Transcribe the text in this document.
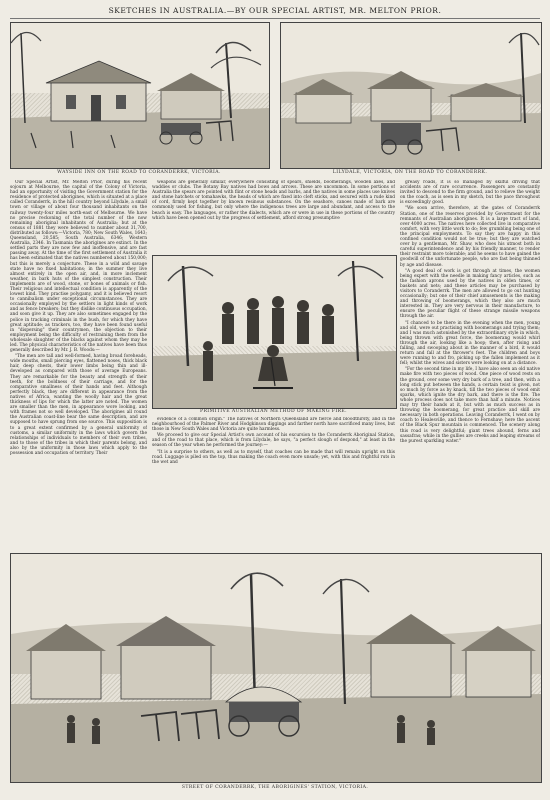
SKETCHES IN AUSTRALIA.—BY OUR SPECIAL ARTIST, MR. MELTON PRIOR.
WAYSIDE INN ON THE ROAD TO CORANDERRK, VICTORIA.	LILYDALE, VICTORIA, ON THE ROAD TO CORANDERRK.

Our Special Artist, Mr. Melton Prior, during his recent sojourn at Melbourne, the capital of the Colony of Victoria, had an opportunity of visiting the Government station for the residence of protected aborigines, which is situated at a place called Coranderrk, in the hill country beyond Lilydale, a small town or village of about four thousand inhabitants on the railway twenty-four miles north-east of Melbourne. We have no precise reckoning of the total number of the now remaining aboriginal inhabitants of Australia; but at the census of 1881 they were believed to number about 31,700, distributed as follows:—Victoria, 780; New South Wales, 1643; Queensland, 20,585; South Australia, 6346; Western Australia, 2346. In Tasmania the aborigines are extinct. In the settled parts they are now few and inoffensive, and are fast passing away. At the time of the first settlement of Australia it has been estimated that the natives numbered about 150,000; but this is merely a conjecture. These in a wild and savage state have no fixed habitations; in the summer they live almost entirely in the open air, and, in more inclement weather, in bark huts of the simplest construction. Their implements are of wood, stone, or bones of animals or fish. Their religious and intellectual condition is apparently of the lowest kind. They practise polygamy, and it is believed resort to cannibalism under exceptional circumstances. They are occasionally employed by the settlers in light kinds of work and as fence breakers; but they dislike continuous occupation, and soon give it up. They are also sometimes engaged by the police in tracking criminals in the bush, for which they have great aptitude; as trackers, too, they have been found useful in "dispersing" their countrymen, the objection to their employment being the difficulty of restraining them from the wholesale slaughter of the blacks against whom they may be led. The physical characteristics of the natives have been thus generally described by Mr. J. B. Woods:—

"The men are tall and well-formed, having broad foreheads, wide mouths, small piercing eyes, flattened noses, thick black hair, deep chests, their lower limbs being thin and ill-developed as compared with those of average Europeans. They are remarkable for the beauty and strength of their teeth, for the boldness of their carriage, and for the comparative smallness of their hands and feet. Although perfectly black, they are different in appearance from the natives of Africa, wanting the woolly hair and the great thickness of lips for which the latter are noted. The women are smaller than the men, in appearance wore looking, and with frames not so well developed. The aborigines all round the Australian coast-line bear the same description, and are supposed to have sprung from one source. This supposition is to a great extent confirmed by a general uniformity of customs, a similar uniformity in the laws which govern the relationships of individuals to members of their own tribes, and to those of the tribes in which their parents belong, and also by the uniformity in those laws which apply to the possession and occupation of territory. Their

weapons are generally similar, everywhere consisting of spears, shields, boomerangs, wooden axes, and waddies or clubs. The Botany Bay natives had bows and arrows. These are uncommon. In some portions of Australia the spears are pointed with flint or stone heads and barbs, and the natives in some places use knives and stone hatchets or tomahawks, the heads of which are fixed into cleft sticks, and secured with a rude kind of cord, firmly kept together by known resinous substances. On the seashore, canoes made of bark are commonly used for fishing, but only where the indigenous trees are large and abundant, and access to the beach is easy. The languages, or rather the dialects, which are or were in use in these portions of the country which have been opened out by the progress of settlement, afford strong presumptive

PRIMITIVE AUSTRALIAN METHOD OF MAKING FIRE.

evidence of a common origin." The natives of Northern Queensland are fierce and bloodthirsty, and in the neighbourhood of the Palmer River and Hodgkinson diggings and farther north have sacrificed many lives, but those in New South Wales and Victoria are quite harmless.

We proceed to give our Special Artist's own account of his excursion to the Coranderrk Aboriginal Station, and of the road to that place, which is from Lilydale, he says, "a perfect slough of despond," at least in the season of the year when he performed the journey:—

"It is a surprise to others, as well as to myself, that coaches can be made that will remain upright on this road. Luggage is piled on the top, thus making the coach even more unsafe; yet, with this and frightful ruts in the wet and

greasy roads, it is so managed by skilful driving that accidents are of rare occurrence. Passengers are constantly invited to descend to the firm ground, and to relieve the weight on the coach, as is seen in my sketch, but the pace throughout is exceedingly good.

"We soon arrive, therefore, at the gates of Coranderrk Station, one of the reserves provided by Government for the remnants of Australian aborigines. It is a large tract of land, over 4000 acres. The natives here collected live in comparative comfort, with very little work to do; few grumbling being one of the principal employments. To say they are happy in this confined condition would not be true; but they are watched over by a gentleman, Mr. Shaw, who does his utmost both in careful superintendence and by his friendly manner, to render their restraint more tolerable; and he seems to have gained the goodwill of the unfortunate people, who are fast being thinned by age and disease.

"A good deal of work is got through at times, the women being expert with the needle in making fancy articles, such as the fashion aprons used by the natives in olden times, or baskets and nets; and these articles may be purchased by visitors to Coranderrk. The men are allowed to go out hunting occasionally; but one of their chief amusements is the making and throwing of boomerangs, which they also are much interested in. They are very nervous in their manufacture, to ensure the peculiar flight of these strange missile weapons through the air.

"I chanced to be there in the evening when the men, young and old, were out practising with boomerangs and trying them; and I was much astonished by the extraordinary style in which, being thrown with great force, the boomerang would whirl through the air, looking like a hoop; then, after rising and falling, and swooping about in the manner of a bird, it would return and fall at the thrower's feet. The children and boys were running to and fro, picking up the fallen implement as it fell; whilst the wives and sisters were looking on at a distance.

"For the second time in my life, I have also seen an old native make fire with two pieces of wood. One piece of wood rests on the ground, over some very dry bark of a tree, and then, with a long stick put between the hands, a certain twist is given, not so much by force as by knack, till the two pieces of wood emit sparks, which ignite the dry bark, and there is the fire. The whole process does not take more than half a minute. Notices may try their hands at it, but with as much success as in throwing the boomerang, for great practice and skill are necessary in both operations. Leaving Coranderrk, I went on by coach to Healesville, and thence to Fernshaw; here the ascent of the Black Spur mountain is commenced. The scenery along this road is very delightful; giant trees abound, ferns and sassafras; while in the gullies are creeks and leaping streams of the purest sparkling water."

STREET OF CORANDERRK, THE ABORIGINES' STATION, VICTORIA.
